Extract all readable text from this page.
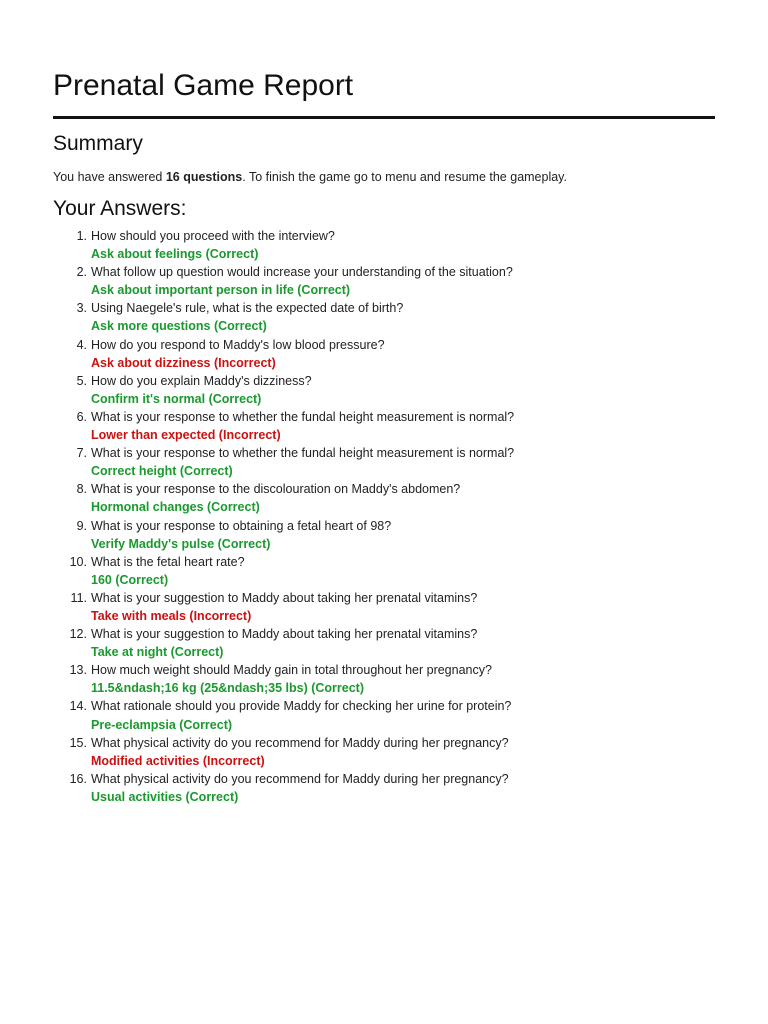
Prenatal Game Report
Summary

You have answered 16 questions. To finish the game go to menu and resume the gameplay.

Your Answers:
1. How should you proceed with the interview?
Ask about feelings (Correct)
2. What follow up question would increase your understanding of the situation?
Ask about important person in life (Correct)
3. Using Naegele's rule, what is the expected date of birth?
Ask more questions (Correct)
4. How do you respond to Maddy's low blood pressure?
Ask about dizziness (Incorrect)
5. How do you explain Maddy's dizziness?
Confirm it's normal (Correct)
6. What is your response to whether the fundal height measurement is normal?
Lower than expected (Incorrect)
7. What is your response to whether the fundal height measurement is normal?
Correct height (Correct)
8. What is your response to the discolouration on Maddy's abdomen?
Hormonal changes (Correct)
9. What is your response to obtaining a fetal heart of 98?
Verify Maddy's pulse (Correct)
10. What is the fetal heart rate?
160 (Correct)
11. What is your suggestion to Maddy about taking her prenatal vitamins?
Take with meals (Incorrect)
12. What is your suggestion to Maddy about taking her prenatal vitamins?
Take at night (Correct)
13. How much weight should Maddy gain in total throughout her pregnancy?
11.5&ndash;16 kg (25&ndash;35 lbs) (Correct)
14. What rationale should you provide Maddy for checking her urine for protein?
Pre-eclampsia (Correct)
15. What physical activity do you recommend for Maddy during her pregnancy?
Modified activities (Incorrect)
16. What physical activity do you recommend for Maddy during her pregnancy?
Usual activities (Correct)
